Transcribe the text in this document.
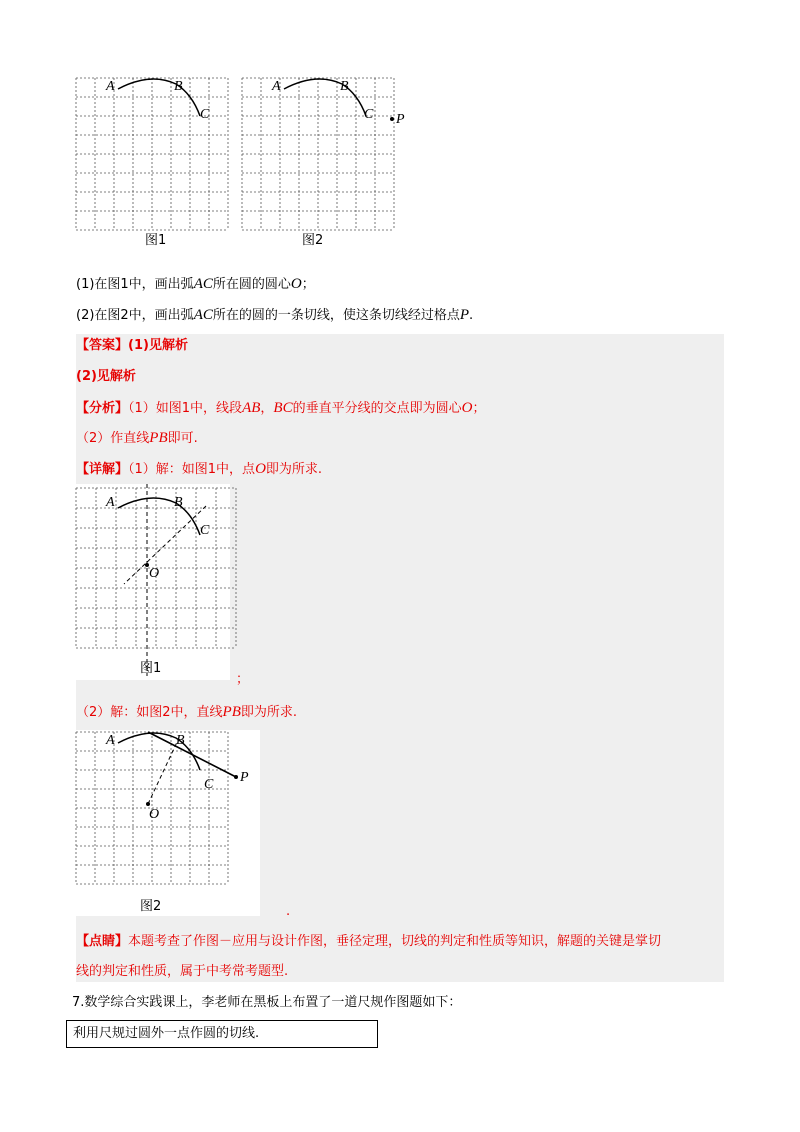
A	B
C
图1
A	B
C P
图2
(1)在图1中，画出弧AC所在圆的圆心O；
(2)在图2中，画出弧AC所在的圆的一条切线，使这条切线经过格点P.
【答案】(1)见解析
(2)见解析
【分析】（1）如图1中，线段AB，BC的垂直平分线的交点即为圆心O；
（2）作直线PB即可.
【详解】（1）解：如图1中，点O即为所求.
A	B
C
O
图1
；
（2）解：如图2中，直线PB即为所求.
A	B
C P
O
图2	.
【点睛】本题考查了作图－应用与设计作图，垂径定理，切线的判定和性质等知识，解题的关键是掌切
线的判定和性质，属于中考常考题型.
7.数学综合实践课上，李老师在黑板上布置了一道尺规作图题如下：
利用尺规过圆外一点作圆的切线.
